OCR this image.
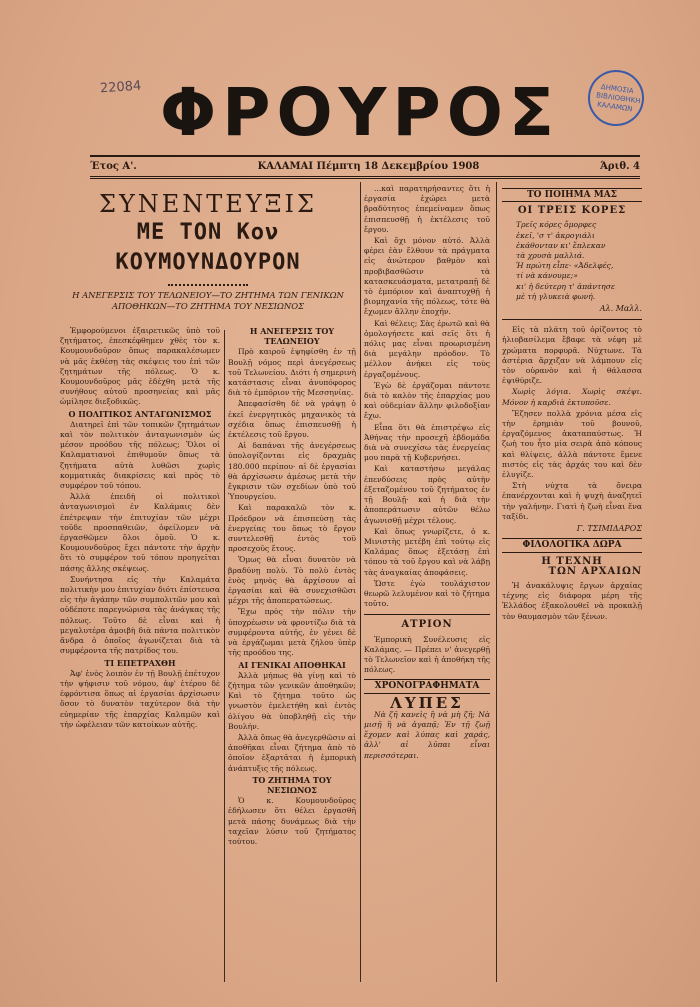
22084 ΦΡΟΥΡΟΣ	ΔΗΜΟΣΙΑ ΒΙΒΛΙΟΘΗΚΗ ΚΑΛΑΜΩΝ
Έτος Α'.	ΚΑΛΑΜΑΙ Πέμπτη 18 Δεκεμβρίου 1908	Άριθ. 4
ΣΥΝΕΝΤΕΥΞΙΣ
ΜΕ ΤΟΝ Κον ΚΟΥΜΟΥΝΔΟΥΡΟΝ
Η ΑΝΕΓΕΡΣΙΣ ΤΟΥ ΤΕΛΩΝΕΙΟΥ—ΤΟ ΖΗΤΗΜΑ ΤΩΝ ΓΕΝΙΚΩΝ ΑΠΟΘΗΚΩΝ—ΤΟ ΖΗΤΗΜΑ ΤΟΥ ΝΕΣΙΩΝΟΣ

Ἐμφορούμενοι ἐξαιρετικῶς ὑπὸ τοῦ ζητήματος, ἐπεσκέφθημεν χθὲς τὸν κ. Κουμουνδοῦρον ὅπως παρακαλέσωμεν νὰ μᾶς ἐκθέσῃ τὰς σκέψεις του ἐπὶ τῶν ζητημάτων τῆς πόλεως. Ὁ κ. Κουμουνδοῦρος μᾶς ἐδέχθη μετὰ τῆς συνήθους αὐτοῦ προσηνείας καὶ μᾶς ὡμίλησε διεξοδικῶς.

Ο ΠΟΛΙΤΙΚΟΣ ΑΝΤΑΓΩΝΙΣΜΟΣ

Διατηρεῖ ἐπὶ τῶν τοπικῶν ζητημάτων καὶ τὸν πολιτικὸν ἀνταγωνισμὸν ὡς μέσον προόδου τῆς πόλεως; Ὅλοι οἱ Καλαματιανοὶ ἐπιθυμοῦν ὅπως τὰ ζητήματα αὐτὰ λυθῶσι χωρὶς κομματικὰς διακρίσεις καὶ πρὸς τὸ συμφέρον τοῦ τόπου.

Ἀλλὰ ἐπειδὴ οἱ πολιτικοὶ ἀνταγωνισμοὶ ἐν Καλάμαις δὲν ἐπέτρεψαν τὴν ἐπιτυχίαν τῶν μέχρι τοῦδε προσπαθειῶν, ὀφείλομεν νὰ ἐργασθῶμεν ὅλοι ὁμοῦ. Ὁ κ. Κουμουνδοῦρος ἔχει πάντοτε τὴν ἀρχὴν ὅτι τὸ συμφέρον τοῦ τόπου προηγεῖται πάσης ἄλλης σκέψεως.

Συνήντησα εἰς τὴν Καλαμάτα πολιτικὴν μου ἐπιτυχίαν διότι ἐπίστευσα εἰς τὴν ἀγάπην τῶν συμπολιτῶν μου καὶ οὐδέποτε παρεγνώρισα τὰς ἀνάγκας τῆς πόλεως. Τοῦτο δὲ εἶναι καὶ ἡ μεγαλυτέρα ἀμοιβὴ διὰ πάντα πολιτικὸν ἄνδρα ὁ ὁποῖος ἀγωνίζεται διὰ τὰ συμφέροντα τῆς πατρίδος του.

ΤΙ ΕΠΕΤΡΑΧΘΗ

Ἀφ' ἑνὸς λοιπὸν ἐν τῇ Βουλῇ ἐπέτυχον τὴν ψήφισιν τοῦ νόμου, ἀφ' ἑτέρου δὲ ἐφρόντισα ὅπως αἱ ἐργασίαι ἀρχίσωσιν ὅσον τὸ δυνατὸν ταχύτερον διὰ τὴν εὐημερίαν τῆς ἐπαρχίας Καλαμῶν καὶ τὴν ὠφέλειαν τῶν κατοίκων αὐτῆς.

Η ΑΝΕΓΕΡΣΙΣ ΤΟΥ ΤΕΛΩΝΕΙΟΥ

Πρὸ καιροῦ ἐψηφίσθη ἐν τῇ Βουλῇ νόμος περὶ ἀνεγέρσεως τοῦ Τελωνείου. Διότι ἡ σημερινὴ κατάστασις εἶναι ἀνυπόφορος διὰ τὸ ἐμπόριον τῆς Μεσσηνίας.

Ἀπεφασίσθη δὲ νὰ γράψῃ ὁ ἐκεῖ ἐνεργητικὸς μηχανικὸς τὰ σχέδια ὅπως ἐπισπευσθῇ ἡ ἐκτέλεσις τοῦ ἔργου.

Αἱ δαπάναι τῆς ἀνεγέρσεως ὑπολογίζονται εἰς δραχμὰς 180.000 περίπου· αἱ δὲ ἐργασίαι θὰ ἀρχίσωσιν ἀμέσως μετὰ τὴν ἔγκρισιν τῶν σχεδίων ὑπὸ τοῦ Ὑπουργείου.

Καὶ παρακαλῶ τὸν κ. Πρόεδρον νὰ ἐπισπεύσῃ τὰς ἐνεργείας του ὅπως τὸ ἔργον συντελεσθῇ ἐντὸς τοῦ προσεχοῦς ἔτους.

Ὅμως θὰ εἶναι δυνατὸν νὰ βραδύνῃ πολὺ. Τὸ πολὺ ἐντὸς ἑνὸς μηνὸς θὰ ἀρχίσουν αἱ ἐργασίαι καὶ θὰ συνεχισθῶσι μέχρι τῆς ἀποπερατώσεως.

Ἔχω πρὸς τὴν πόλιν τὴν ὑποχρέωσιν νὰ φροντίζω διὰ τὰ συμφέροντα αὐτῆς, ἐν γένει δὲ νὰ ἐργάζωμαι μετὰ ζήλου ὑπὲρ τῆς προόδου της.

ΑΙ ΓΕΝΙΚΑΙ ΑΠΟΘΗΚΑΙ

Ἀλλὰ μήπως θὰ γίνῃ καὶ τὸ ζήτημα τῶν γενικῶν ἀποθηκῶν; Καὶ τὸ ζήτημα τοῦτο ὡς γνωστὸν ἐμελετήθη καὶ ἐντὸς ὀλίγου θὰ ὑποβληθῇ εἰς τὴν Βουλήν.

Ἀλλὰ ὅπως θὰ ἀνεγερθῶσιν αἱ ἀποθῆκαι εἶναι ζήτημα ἀπὸ τὸ ὁποῖον ἐξαρτᾶται ἡ ἐμπορικὴ ἀνάπτυξις τῆς πόλεως.

ΤΟ ΖΗΤΗΜΑ ΤΟΥ ΝΕΣΙΩΝΟΣ

Ὁ κ. Κουμουνδοῦρος ἐδήλωσεν ὅτι θέλει ἐργασθῆ μετὰ πάσης δυνάμεως διὰ τὴν ταχεῖαν λύσιν τοῦ ζητήματος τούτου.

...καὶ παρατηρήσαντες ὅτι ἡ ἐργασία ἐχώρει μετὰ βραδύτητος ἐπεμείναμεν ὅπως ἐπισπευσθῇ ἡ ἐκτέλεσις τοῦ ἔργου.

Καὶ ὄχι μόνον αὐτό. Ἀλλὰ φέρει ἐὰν ἔλθουν τὰ πράγματα εἰς ἀνώτερον βαθμὸν καὶ προβιβασθῶσιν τὰ κατασκευάσματα, μετατραπῇ δὲ τὸ ἐμπόριον καὶ ἀναπτυχθῇ ἡ βιομηχανία τῆς πόλεως, τότε θὰ ἔχωμεν ἄλλην ἐποχήν.

Καὶ θέλεις; Σὰς ἐρωτῶ καὶ θὰ ὁμολογήσετε καὶ σεῖς ὅτι ἡ πόλις μας εἶναι προωρισμένη διὰ μεγάλην πρόοδον. Τὸ μέλλον ἀνήκει εἰς τοὺς ἐργαζομένους.

Ἐγὼ δὲ ἐργάζομαι πάντοτε διὰ τὸ καλὸν τῆς ἐπαρχίας μου καὶ οὐδεμίαν ἄλλην φιλοδοξίαν ἔχω.

Εἶπα ὅτι θὰ ἐπιστρέψω εἰς Ἀθήνας τὴν προσεχῆ ἑβδομάδα διὰ νὰ συνεχίσω τὰς ἐνεργείας μου παρὰ τῇ Κυβερνήσει.

Καὶ καταστήσω μεγάλας ἐπενδύσεις πρὸς αὐτὴν ἐξεταζομένου τοῦ ζητήματος ἐν τῇ Βουλῇ· καὶ ἡ διὰ τὴν ἀποπεράτωσιν αὐτῶν θέλω ἀγωνισθῇ μέχρι τέλους.

Καὶ ὅπως γνωρίζετε, ὁ κ. Μινιστὴς μετέβη ἐπὶ τούτῳ εἰς Καλάμας ὅπως ἐξετάσῃ ἐπὶ τόπου τὰ τοῦ ἔργου καὶ νὰ λάβῃ τὰς ἀναγκαίας ἀποφάσεις.

Ὥστε ἐγὼ τουλάχιστον θεωρῶ λελυμένον καὶ τὸ ζήτημα τοῦτο.

ΑΤΡΙΟΝ

Ἐμπορικὴ Συνέλευσις εἰς Καλάμας. — Πρέπει ν' ἀνεγερθῇ τὸ Τελωνεῖον καὶ ἡ ἀποθήκη τῆς πόλεως.

ΧΡΟΝΟΓΡΑΦΗΜΑΤΑ
ΛΥΠΕΣ

Νὰ ζῆ κανεὶς ἢ νὰ μὴ ζῆ; Νὰ μισῇ ἢ νὰ ἀγαπᾷ; Ἐν τῇ ζωῇ ἔχομεν καὶ λύπας καὶ χαράς, ἀλλ' αἱ λῦπαι εἶναι περισσότεραι.

ΤΟ ΠΟΙΗΜΑ ΜΑΣ
ΟΙ ΤΡΕΙΣ ΚΟΡΕΣ
Τρεῖς κόρες ὄμορφες
ἐκεῖ, 'σ τ' ἀκρογιάλι
ἐκάθονταν κι' ἔπλεκαν
τὰ χρυσὰ μαλλιά.
Ἡ πρώτη εἶπε· «Ἀδελφές,
τί νὰ κάνουμε;»
κι' ἡ δεύτερη τ' ἀπάντησε
μὲ τὴ γλυκειὰ φωνή.
Αλ. Μαλλ.

Εἰς τὰ πλάτη τοῦ ὁρίζοντος τὸ ἡλιοβασίλεμα ἔβαφε τὰ νέφη μὲ χρώματα πορφυρᾶ. Νύχτωνε. Τὰ ἀστέρια ἄρχιζαν νὰ λάμπουν εἰς τὸν οὐρανὸν καὶ ἡ θάλασσα ἐψιθύριζε.

Χωρὶς λόγια. Χωρὶς σκέψι. Μόνον ἡ καρδιὰ ἐκτυποῦσε.

Ἔζησεν πολλὰ χρόνια μέσα εἰς τὴν ἐρημιὰν τοῦ βουνοῦ, ἐργαζόμενος ἀκαταπαύστως. Ἡ ζωὴ του ἦτο μία σειρὰ ἀπὸ κόπους καὶ θλίψεις, ἀλλὰ πάντοτε ἔμενε πιστὸς εἰς τὰς ἀρχάς του καὶ δὲν ἐλυγίζε.

Στὴ νύχτα τὰ ὄνειρα ἐπανέρχονται καὶ ἡ ψυχὴ ἀναζητεῖ τὴν γαλήνην. Γιατὶ ἡ ζωὴ εἶναι ἕνα ταξίδι.

Γ. ΤΣΙΜΙΔΑΡΟΣ
ΦΙΛΟΛΟΓΙΚΑ ΔΩΡΑ
Η ΤΕΧΝΗ
ΤΩΝ ΑΡΧΑΙΩΝ

Ἡ ἀνακάλυψις ἔργων ἀρχαίας τέχνης εἰς διάφορα μέρη τῆς Ἑλλάδος ἐξακολουθεῖ νὰ προκαλῇ τὸν θαυμασμὸν τῶν ξένων.
